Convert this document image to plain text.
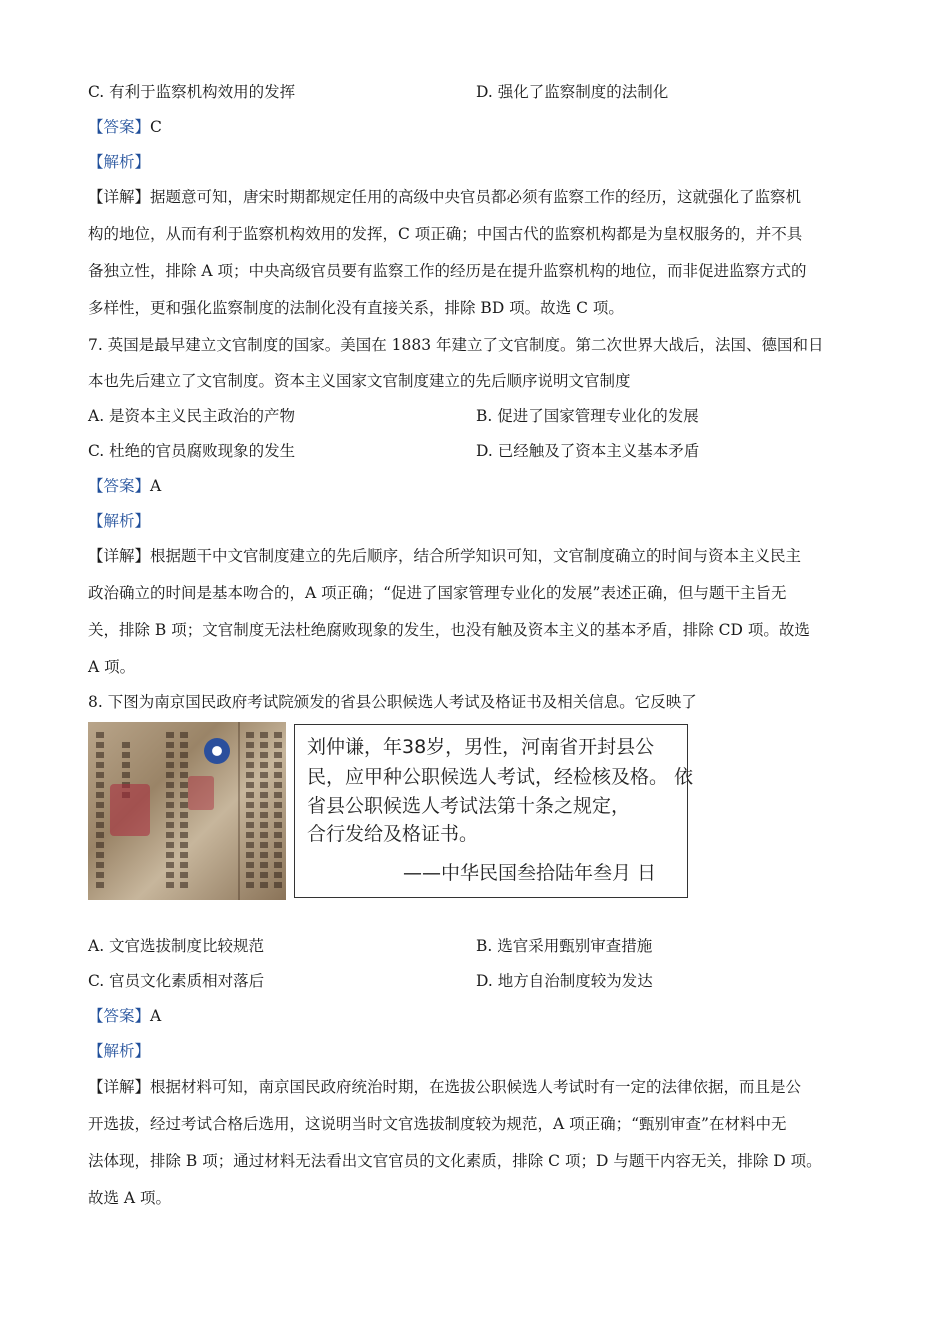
C. 有利于监察机构效用的发挥	D. 强化了监察制度的法制化
【答案】C
【解析】
【详解】据题意可知，唐宋时期都规定任用的高级中央官员都必须有监察工作的经历，这就强化了监察机
构的地位，从而有利于监察机构效用的发挥，C 项正确；中国古代的监察机构都是为皇权服务的，并不具
备独立性，排除 A 项；中央高级官员要有监察工作的经历是在提升监察机构的地位，而非促进监察方式的
多样性，更和强化监察制度的法制化没有直接关系，排除 BD 项。故选 C 项。
7. 英国是最早建立文官制度的国家。美国在 1883 年建立了文官制度。第二次世界大战后，法国、德国和日
本也先后建立了文官制度。资本主义国家文官制度建立的先后顺序说明文官制度
A. 是资本主义民主政治的产物	B. 促进了国家管理专业化的发展
C. 杜绝的官员腐败现象的发生	D. 已经触及了资本主义基本矛盾
【答案】A
【解析】
【详解】根据题干中文官制度建立的先后顺序，结合所学知识可知，文官制度确立的时间与资本主义民主
政治确立的时间是基本吻合的，A 项正确；“促进了国家管理专业化的发展”表述正确，但与题干主旨无
关，排除 B 项；文官制度无法杜绝腐败现象的发生，也没有触及资本主义的基本矛盾，排除 CD 项。故选
A 项。
8. 下图为南京国民政府考试院颁发的省县公职候选人考试及格证书及相关信息。它反映了
刘仲谦，年38岁，男性，河南省开封县公
民，应甲种公职候选人考试，经检核及格。 依
省县公职候选人考试法第十条之规定，
合行发给及格证书。
——中华民国叁拾陆年叁月 日
A. 文官选拔制度比较规范	B. 选官采用甄别审查措施
C. 官员文化素质相对落后	D. 地方自治制度较为发达
【答案】A
【解析】
【详解】根据材料可知，南京国民政府统治时期，在选拔公职候选人考试时有一定的法律依据，而且是公
开选拔，经过考试合格后选用，这说明当时文官选拔制度较为规范，A 项正确；“甄别审查”在材料中无
法体现，排除 B 项；通过材料无法看出文官官员的文化素质，排除 C 项；D 与题干内容无关，排除 D 项。
故选 A 项。
